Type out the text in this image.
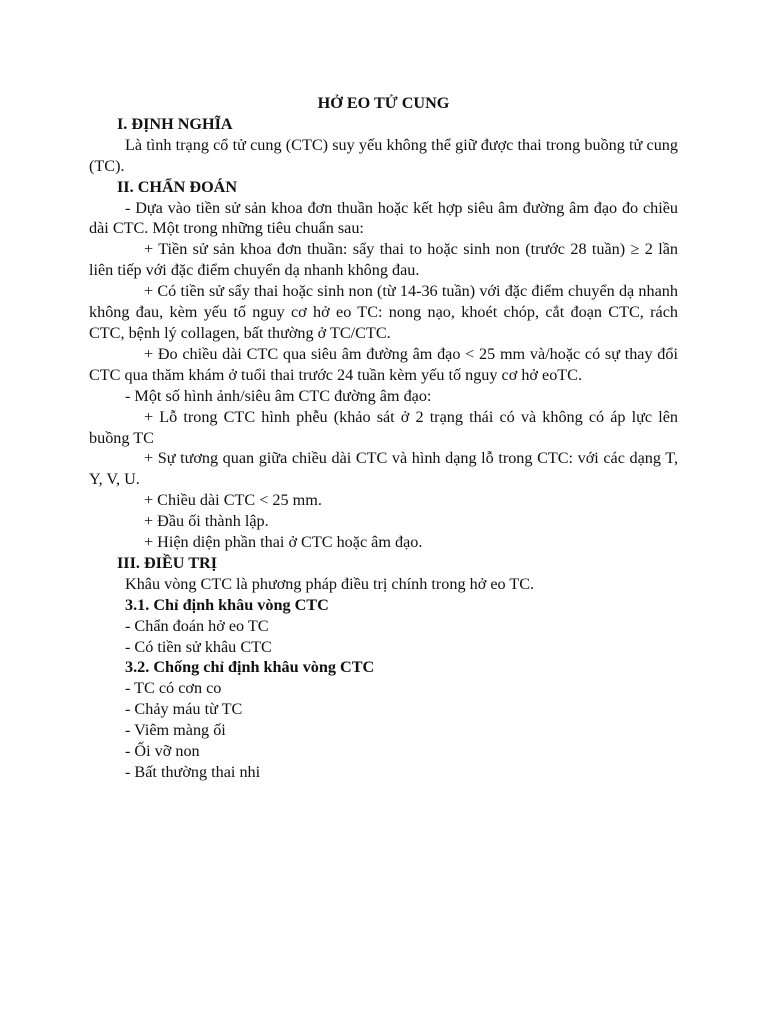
HỞ EO TỬ CUNG

I. ĐỊNH NGHĨA

Là tình trạng cổ tử cung (CTC) suy yếu không thể giữ được thai trong buồng tử cung (TC).

II. CHẨN ĐOÁN

- Dựa vào tiền sử sản khoa đơn thuần hoặc kết hợp siêu âm đường âm đạo đo chiều dài CTC. Một trong những tiêu chuẩn sau:

+ Tiền sử sản khoa đơn thuần: sẩy thai to hoặc sinh non (trước 28 tuần) ≥ 2 lần liên tiếp với đặc điểm chuyển dạ nhanh không đau.

+ Có tiền sử sẩy thai hoặc sinh non (từ 14-36 tuần) với đặc điểm chuyển dạ nhanh không đau, kèm yếu tố nguy cơ hở eo TC: nong nạo, khoét chóp, cắt đoạn CTC, rách CTC, bệnh lý collagen, bất thường ở TC/CTC.

+ Đo chiều dài CTC qua siêu âm đường âm đạo < 25 mm và/hoặc có sự thay đổi CTC qua thăm khám ở tuổi thai trước 24 tuần kèm yếu tố nguy cơ hở eoTC.

- Một số hình ảnh/siêu âm CTC đường âm đạo:

+ Lỗ trong CTC hình phễu (khảo sát ở 2 trạng thái có và không có áp lực lên buồng TC

+ Sự tương quan giữa chiều dài CTC và hình dạng lỗ trong CTC: với các dạng T, Y, V, U.

+ Chiều dài CTC < 25 mm.

+ Đầu ối thành lập.

+ Hiện diện phần thai ở CTC hoặc âm đạo.

III. ĐIỀU TRỊ

Khâu vòng CTC là phương pháp điều trị chính trong hở eo TC.

3.1. Chỉ định khâu vòng CTC

- Chẩn đoán hở eo TC

- Có tiền sử khâu CTC

3.2. Chống chỉ định khâu vòng CTC

- TC có cơn co

- Chảy máu từ TC

- Viêm màng ối

- Ối vỡ non

- Bất thường thai nhi
